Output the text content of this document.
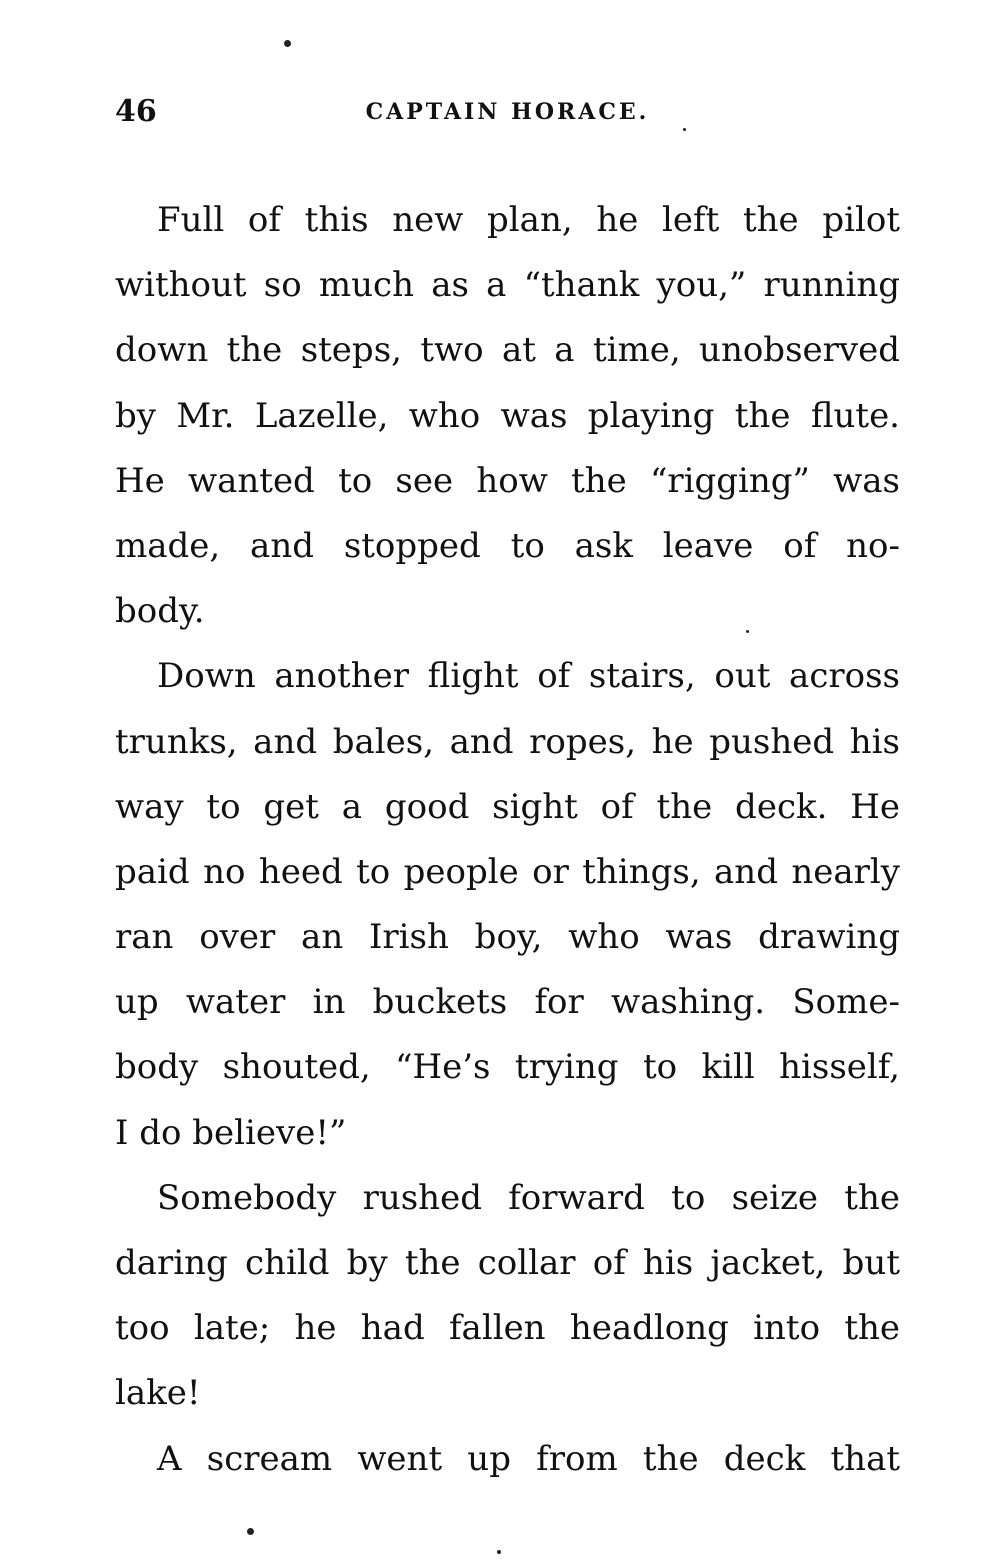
46	CAPTAIN HORACE.
Full of this new plan, he left the pilot
without so much as a “thank you,” running
down the steps, two at a time, unobserved
by Mr. Lazelle, who was playing the flute.
He wanted to see how the “rigging” was
made, and stopped to ask leave of no-
body.
Down another flight of stairs, out across
trunks, and bales, and ropes, he pushed his
way to get a good sight of the deck. He
paid no heed to people or things, and nearly
ran over an Irish boy, who was drawing
up water in buckets for washing. Some-
body shouted, “He’s trying to kill hisself,
I do believe!”
Somebody rushed forward to seize the
daring child by the collar of his jacket, but
too late; he had fallen headlong into the
lake!
A scream went up from the deck that
